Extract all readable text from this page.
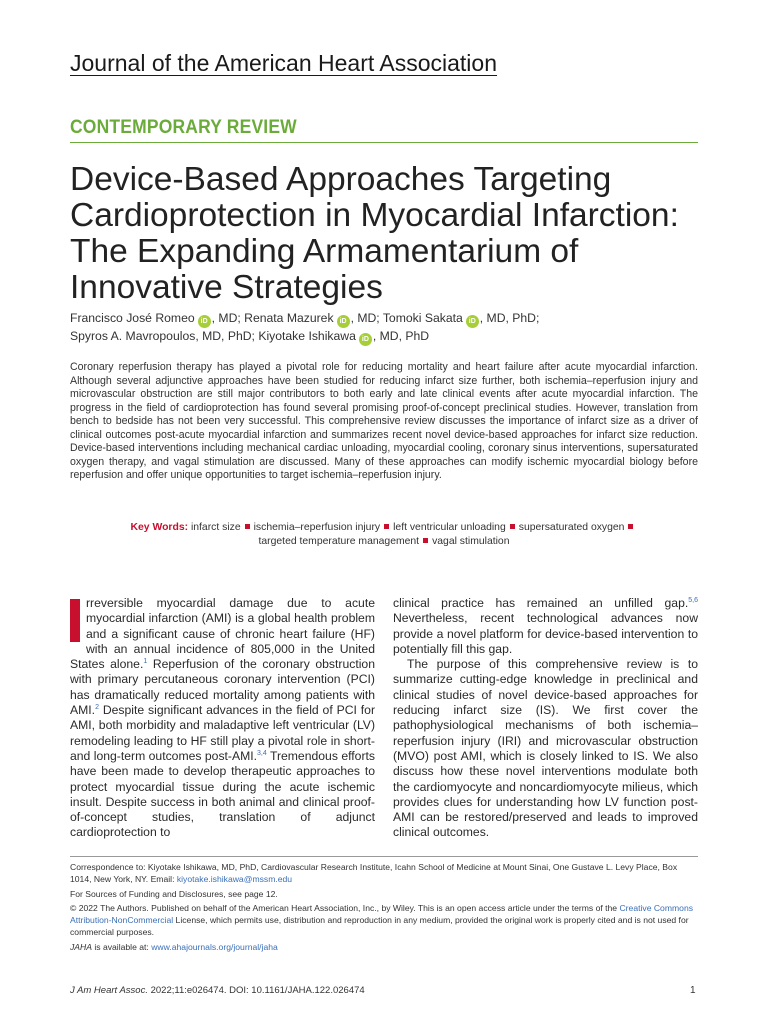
Journal of the American Heart Association
CONTEMPORARY REVIEW
Device-Based Approaches Targeting
Cardioprotection in Myocardial Infarction:
The Expanding Armamentarium of
Innovative Strategies
Francisco José Romeo iD , MD; Renata Mazurek iD , MD; Tomoki Sakata iD , MD, PhD;
Spyros A. Mavropoulos, MD, PhD; Kiyotake Ishikawa iD , MD, PhD
Coronary reperfusion therapy has played a pivotal role for reducing mortality and heart failure after acute myocardial infarction. Although several adjunctive approaches have been studied for reducing infarct size further, both ischemia–reperfusion injury and microvascular obstruction are still major contributors to both early and late clinical events after acute myocardial infarction. The progress in the field of cardioprotection has found several promising proof-of-concept preclinical studies. However, translation from bench to bedside has not been very successful. This comprehensive review discusses the importance of infarct size as a driver of clinical outcomes post-acute myocardial infarction and summarizes recent novel device-based approaches for infarct size reduction. Device-based interventions including mechanical cardiac unloading, myocardial cooling, coronary sinus interventions, supersaturated oxygen therapy, and vagal stimulation are discussed. Many of these approaches can modify ischemic myocardial biology before reperfusion and offer unique opportunities to target ischemia–reperfusion injury.
Key Words: infarct size ischemia–reperfusion injury left ventricular unloading supersaturated oxygen
targeted temperature management vagal stimulation

rreversible myocardial damage due to acute myocardial infarction (AMI) is a global health problem and a significant cause of chronic heart failure (HF) with an annual incidence of 805,000 in the United States alone.$^1$ Reperfusion of the coronary obstruction with primary percutaneous coronary intervention (PCI) has dramatically reduced mortality among patients with AMI.$^2$ Despite significant advances in the field of PCI for AMI, both morbidity and maladaptive left ventricular (LV) remodeling leading to HF still play a pivotal role in short- and long-term outcomes post-AMI.$^{3,4}$ Tremendous efforts have been made to develop therapeutic approaches to protect myocardial tissue during the acute ischemic insult. Despite success in both animal and clinical proof-of-concept studies, translation of adjunct cardioprotection to

clinical practice has remained an unfilled gap.$^{5,6}$ Nevertheless, recent technological advances now provide a novel platform for device-based intervention to potentially fill this gap.

The purpose of this comprehensive review is to summarize cutting-edge knowledge in preclinical and clinical studies of novel device-based approaches for reducing infarct size (IS). We first cover the pathophysiological mechanisms of both ischemia–reperfusion injury (IRI) and microvascular obstruction (MVO) post AMI, which is closely linked to IS. We also discuss how these novel interventions modulate both the cardiomyocyte and noncardiomyocyte milieus, which provides clues for understanding how LV function post-AMI can be restored/preserved and leads to improved clinical outcomes.

Correspondence to: Kiyotake Ishikawa, MD, PhD, Cardiovascular Research Institute, Icahn School of Medicine at Mount Sinai, One Gustave L. Levy Place, Box 1014, New York, NY. Email: kiyotake.ishikawa@mssm.edu

For Sources of Funding and Disclosures, see page 12.

© 2022 The Authors. Published on behalf of the American Heart Association, Inc., by Wiley. This is an open access article under the terms of the Creative Commons Attribution-NonCommercial License, which permits use, distribution and reproduction in any medium, provided the original work is properly cited and is not used for commercial purposes.

JAHA is available at: www.ahajournals.org/journal/jaha

J Am Heart Assoc. 2022;11:e026474. DOI: 10.1161/JAHA.122.026474	1
